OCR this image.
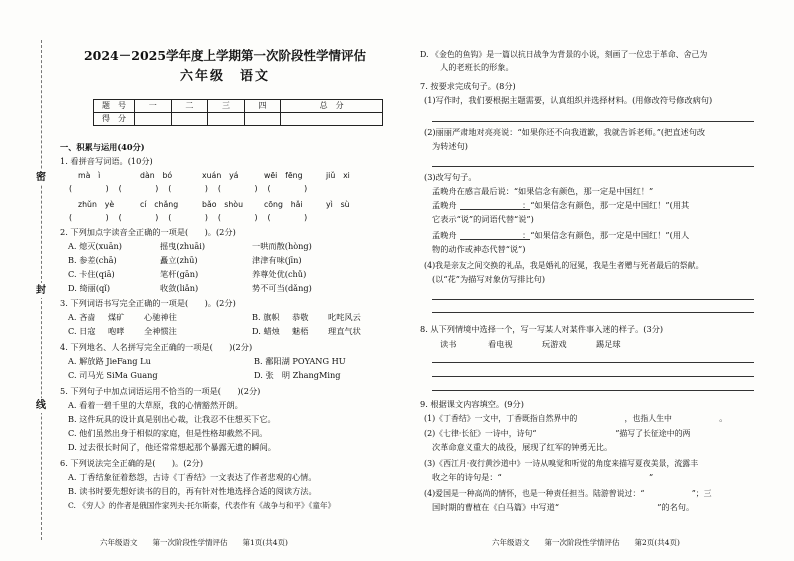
密
封
线
2024－2025学年度上学期第一次阶段性学情评估
六年级　语文
题　号	一	二	三	四	总　分
得　分					
一、积累与运用(40分)
1. 看拼音写词语。(10分)
mà　ì	dàn　bó	xuán　yá	wēi　fēng	jiǔ　xi
(　　　　)　(　　　　)　(　　　　)　(　　　　)　(　　　　)
zhǔn　yè	cí　chǎng	bǎo　shòu	cōng　hǎi	yì　sù
(　　　　)　(　　　　)　(　　　　)　(　　　　)　(　　　　)
2. 下列加点字读音全正确的一项是(　　)。(2分)
A. 熄灭(xuān)	摇曳(zhuāi)	一哄而散(hòng)
B. 参差(chā)	矗立(zhū)	津津有味(jīn)
C. 卡住(qiā)	笔杆(gān)	养尊处优(chǔ)
D. 绮丽(qǐ)	收敛(liǎn)	势不可当(dǎng)
3. 下列词语书写完全正确的一项是(　　)。(2分)
A. 吝啬 煤矿 心驰神往	B. 旗帜 恭敬 叱咤风云
C. 日寇 咆哮 全神惯注	D. 蜡烛 魅梧 理直气状
4. 下列地名、人名拼写完全正确的一项是(　　)(2分)
A. 解放路 JieFang Lu	B. 鄱阳湖 POYANG HU
C. 司马光 SiMa Guang	D. 张　明 ZhangMing
5. 下列句子中加点词语运用不恰当的一项是(　　)(2分)
A. 看着一碧千里的大草原，我的心情豁然开朗。
B. 这件玩具的设计真是别出心裁，让我忍不住想买下它。
C. 他们虽然出身于相似的家庭，但是性格却截然不同。
D. 过去很长时间了，他还常常想起那个暴露无遗的瞬间。
6. 下列说法完全正确的是(　　)。(2分)
A. 丁香结象征着愁怨，古诗《丁香结》一文表达了作者悲观的心情。
B. 读书时要先想好读书的目的，再有针对性地选择合适的阅读方法。
C. 《穷人》的作者是俄国作家列夫·托尔斯泰，代表作有《战争与和平》《童年》
六年级语文　　第一次阶段性学情评估　　第1页(共4页)
D. 《金色的鱼钩》是一篇以抗日战争为背景的小说，刻画了一位忠于革命、舍己为
人的老班长的形象。
7. 按要求完成句子。(8分)
(1)写作时，我们要根据主题需要，认真组织并选择材料。(用修改符号修改病句)
(2)丽丽严肃地对亮亮说：“如果你还不向我道歉，我就告诉老师。”(把直述句改
为转述句)
(3)改写句子。
孟晚舟在感言最后说：“如果信念有颜色，那一定是中国红！”
孟晚舟　　　　　　　　：“如果信念有颜色，那一定是中国红！”(用其
它表示“说”的词语代替“说”)
孟晚舟　　　　　　　　：“如果信念有颜色，那一定是中国红！”(用人
物的动作或神态代替“说”)
(4)我是亲友之间交换的礼品，我是婚礼的冠冕，我是生者赠与死者最后的祭献。
(以“花”为描写对象仿写排比句)
8. 从下列情境中选择一个，写一写某人对某件事入迷的样子。(3分)
读书	看电视	玩游戏	踢足球
9. 根据课文内容填空。(9分)
(1)《丁香结》一文中，丁香既指自然界中的　　　　　　，也指人生中　　　　　　。
(2)《七律·长征》一诗中，诗句“　　　　　　　　　　”描写了长征途中的两
次革命意义重大的战役，展现了红军的钟勇无比。
(3)《西江月·夜行黄沙道中》一诗从嗅觉和听觉的角度来描写夏夜美景，流露丰
收之年的诗句是：“　　　　　　　　　　　　　　　　　　”
(4)爱国是一种高尚的情怀，也是一种责任担当。陆游曾说过：“　　　　　　”；三
国时期的曹植在《白马篇》中写道“　　　　　　　　　　　　”的名句。
六年级语文　　第一次阶段性学情评估　　第2页(共4页)
